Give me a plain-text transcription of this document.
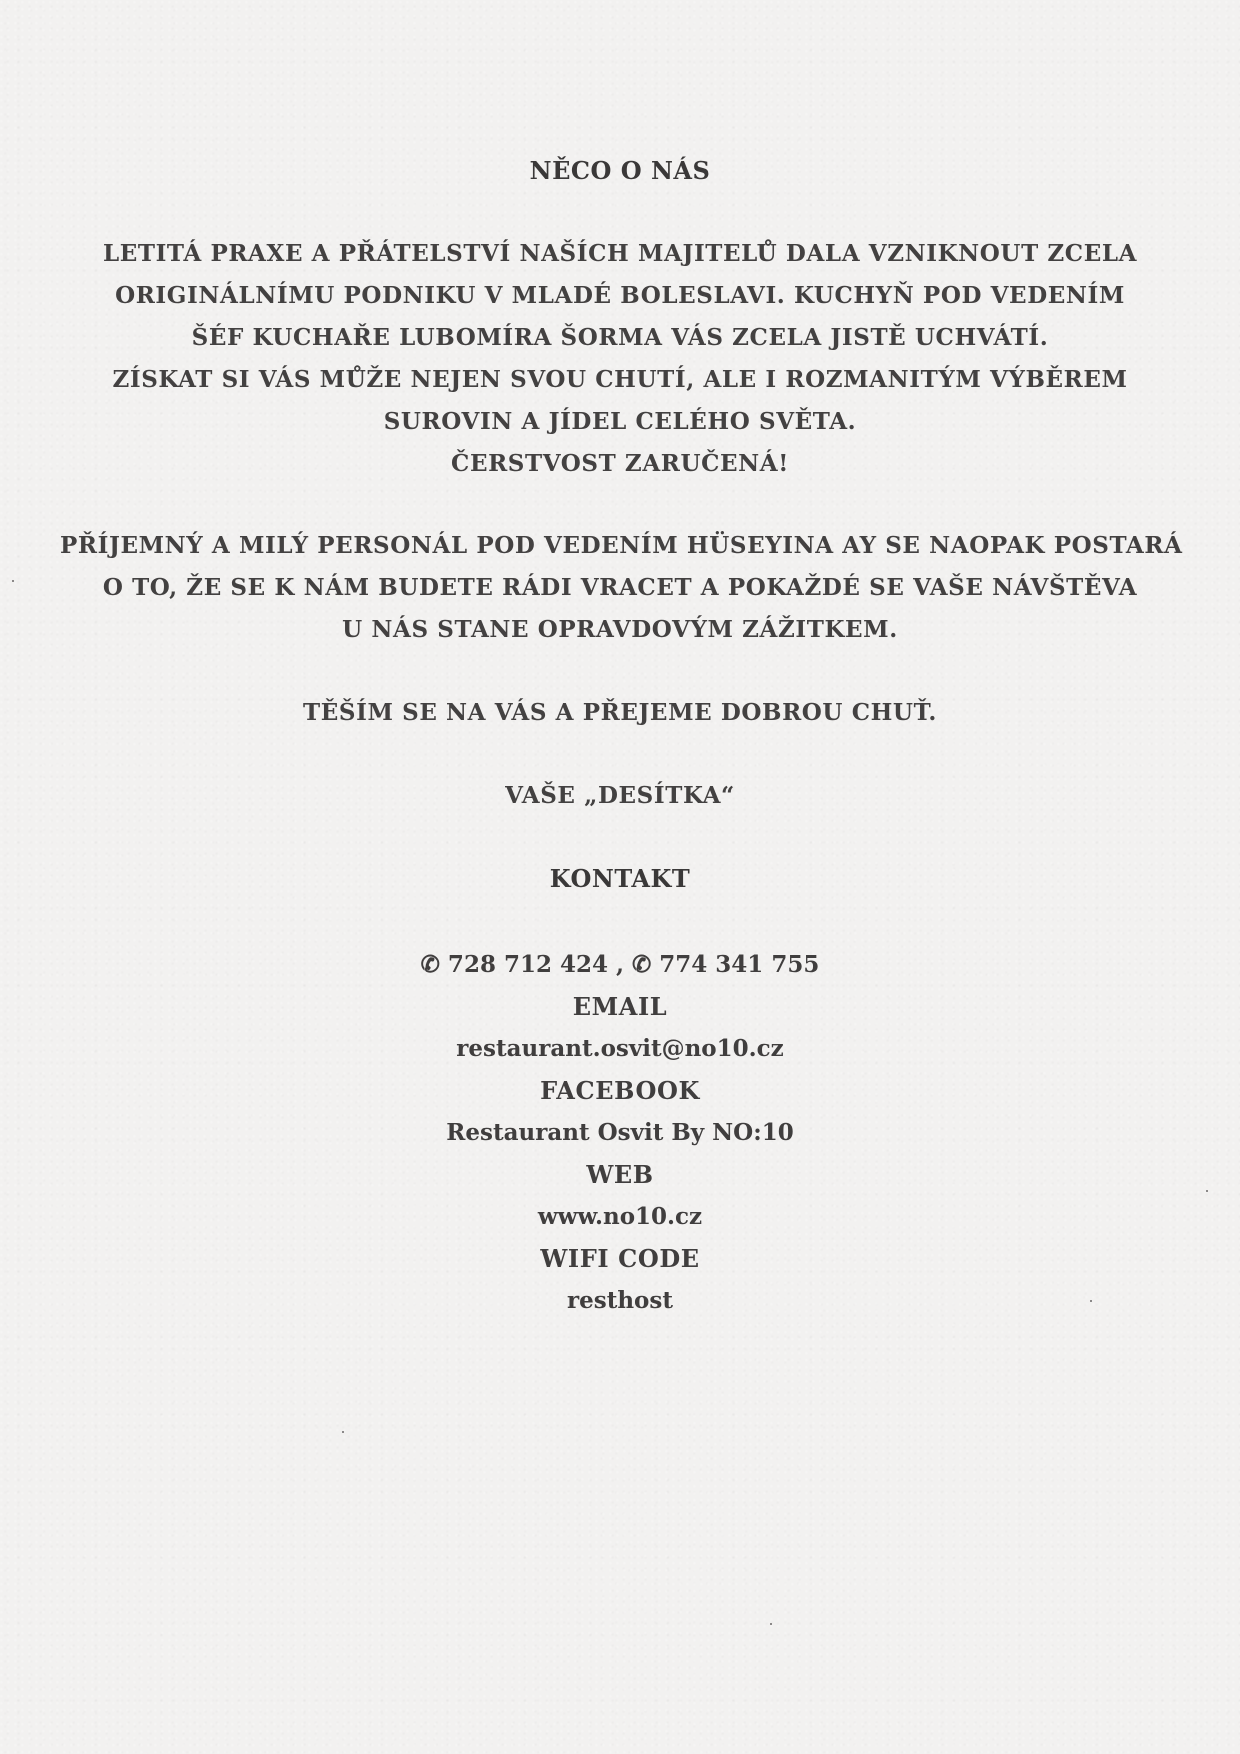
NĚCO O NÁS
LETITÁ PRAXE A PŘÁTELSTVÍ NAŠÍCH MAJITELŮ DALA VZNIKNOUT ZCELA
ORIGINÁLNÍMU PODNIKU V MLADÉ BOLESLAVI. KUCHYŇ POD VEDENÍM
ŠÉF KUCHAŘE LUBOMÍRA ŠORMA VÁS ZCELA JISTĚ UCHVÁTÍ.
ZÍSKAT SI VÁS MŮŽE NEJEN SVOU CHUTÍ, ALE I ROZMANITÝM VÝBĚREM
SUROVIN A JÍDEL CELÉHO SVĚTA.
ČERSTVOST ZARUČENÁ!
PŘÍJEMNÝ A MILÝ PERSONÁL POD VEDENÍM HÜSEYINA AY SE NAOPAK POSTARÁ
O TO, ŽE SE K NÁM BUDETE RÁDI VRACET A POKAŽDÉ SE VAŠE NÁVŠTĚVA
U NÁS STANE OPRAVDOVÝM ZÁŽITKEM.
TĚŠÍM SE NA VÁS A PŘEJEME DOBROU CHUŤ.
VAŠE „DESÍTKA“
KONTAKT
✆ 728 712 424 , ✆ 774 341 755
EMAIL
restaurant.osvit@no10.cz
FACEBOOK
Restaurant Osvit By NO:10
WEB
www.no10.cz
WIFI CODE
resthost
